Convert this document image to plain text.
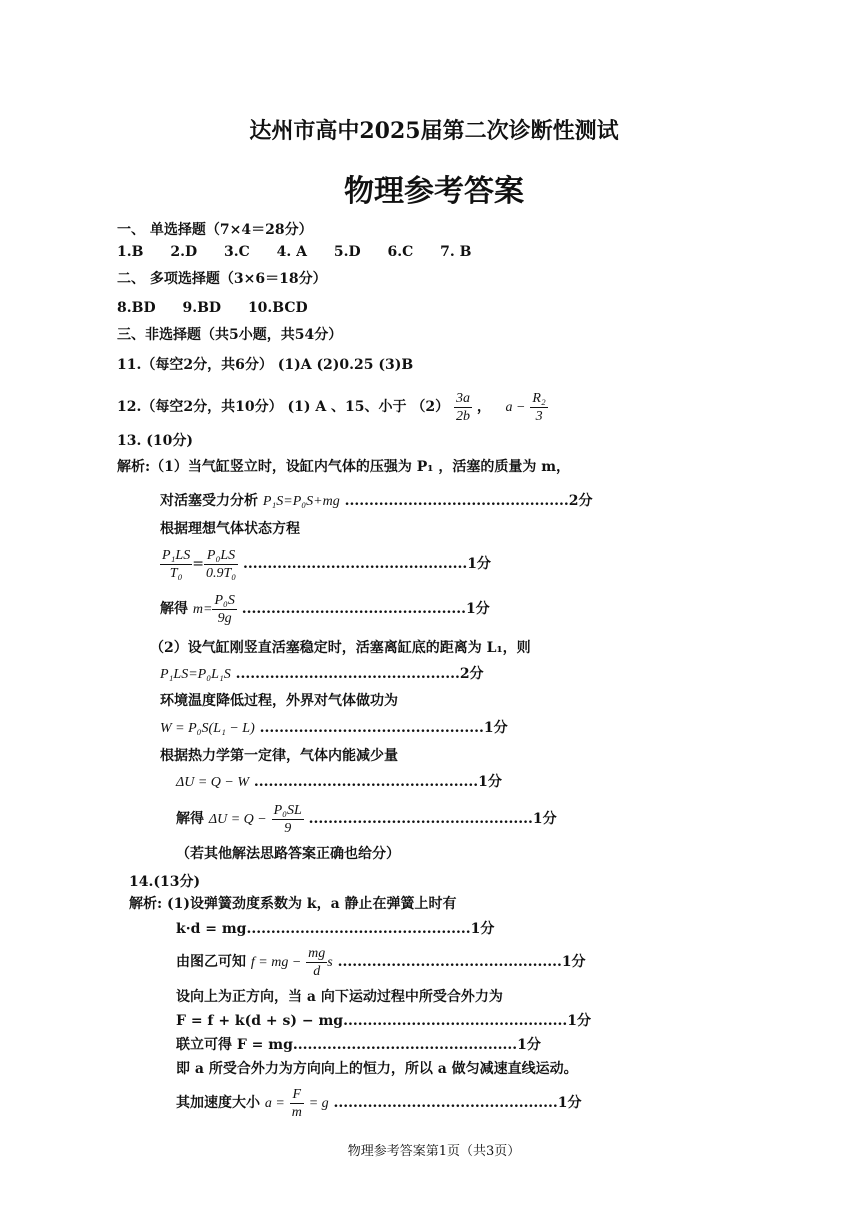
达州市高中2025届第二次诊断性测试
物理参考答案
一、 单选择题（7×4＝28分）
1.B 2.D 3.C 4. A 5.D 6.C 7. B
二、 多项选择题（3×6＝18分）
8.BD 9.BD 10.BCD
三、非选择题（共5小题，共54分）
11.（每空2分，共6分） (1)A (2)0.25 (3)B
12.（每空2分，共10分） (1) A 、15、小于 $(2) \frac{3a}{2b}$ ， $a - \frac{\text{R₂}}{3}$
13. (10分)
解析:（1）当气缸竖立时，设缸内气体的压强为 P₁ ，活塞的质量为 m，
对活塞受力分析 P₁S=P₀S+mg ..............................................2分
根据理想气体状态方程
$\frac{\text{P₁LS}}{\text{T₀}} = \frac{\text{P₀LS}}{\text{0.9T₀}} ..............................................1$分
解得 $m= \frac{\text{P₀S}}{9g} ..............................................1$分
（2）设气缸刚竖直活塞稳定时，活塞离缸底的距离为 L₁，则
P₁LS=P₀L₁S ..............................................2分
环境温度降低过程，外界对气体做功为
W = P₀S(L₁ − L) ..............................................1分
根据热力学第一定律，气体内能减少量
ΔU = Q − W ..............................................1分
解得 $\Delta U = Q - \frac{\text{P₀SL}}{9} ..............................................1$分
（若其他解法思路答案正确也给分）
14.(13分)
解析: (1)设弹簧劲度系数为 k，a 静止在弹簧上时有
k·d = mg..............................................1分
由图乙可知 f = mg − $\frac{mg}{d}$ s ..............................................1分
设向上为正方向，当 a 向下运动过程中所受合外力为
F = f + k(d + s) − mg..............................................1分
联立可得 F = mg..............................................1分
即 a 所受合外力为方向向上的恒力，所以 a 做匀减速直线运动。
其加速度大小 $a = \frac{F}{m} = g$ ..............................................1分
物理参考答案第1页（共3页）
